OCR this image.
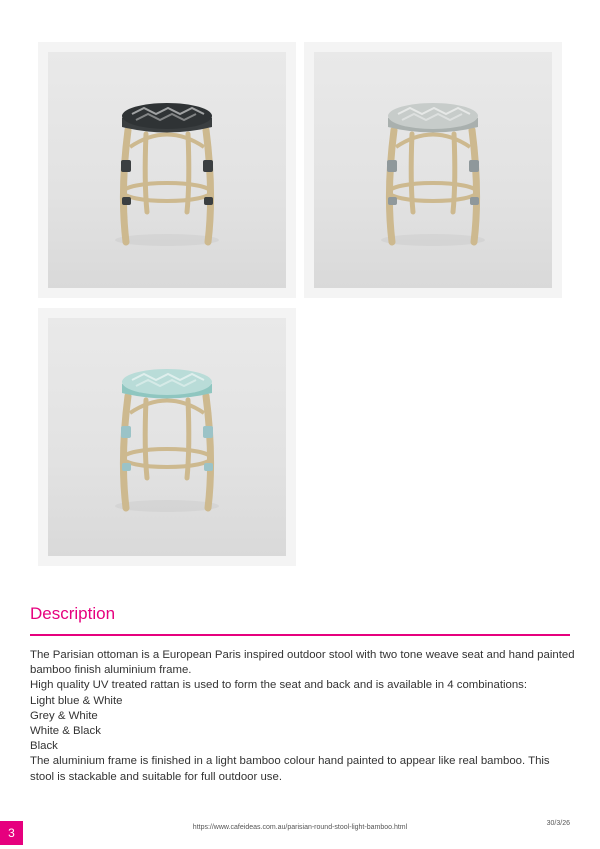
Description

The Parisian ottoman is a European Paris inspired outdoor stool with two tone weave seat and hand painted bamboo finish aluminium frame.

High quality UV treated rattan is used to form the seat and back and is available in 4 combinations:

Light blue & White

Grey & White

White & Black

Black

The aluminium frame is finished in a light bamboo colour hand painted to appear like real bamboo. This stool is stackable and suitable for full outdoor use.

3	https://www.cafeideas.com.au/parisian-round-stool-light-bamboo.html
30/3/26
